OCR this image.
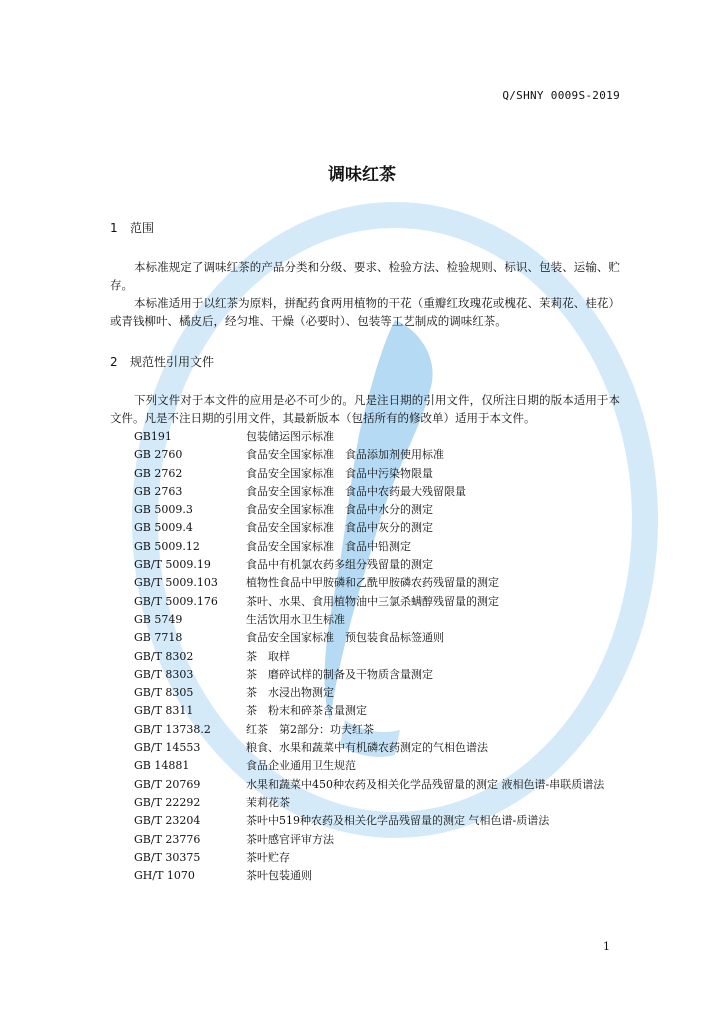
Q/SHNY 0009S-2019
调味红茶
1 范围
本标准规定了调味红茶的产品分类和分级、要求、检验方法、检验规则、标识、包装、运输、贮存。
本标准适用于以红茶为原料，拼配药食两用植物的干花（重瓣红玫瑰花或槐花、茉莉花、桂花）或青钱柳叶、橘皮后，经匀堆、干燥（必要时）、包装等工艺制成的调味红茶。
2 规范性引用文件
下列文件对于本文件的应用是必不可少的。凡是注日期的引用文件，仅所注日期的版本适用于本文件。凡是不注日期的引用文件，其最新版本（包括所有的修改单）适用于本文件。
GB191	包装储运图示标准
GB 2760	食品安全国家标准　食品添加剂使用标准
GB 2762	食品安全国家标准　食品中污染物限量
GB 2763	食品安全国家标准　食品中农药最大残留限量
GB 5009.3	食品安全国家标准　食品中水分的测定
GB 5009.4	食品安全国家标准　食品中灰分的测定
GB 5009.12	食品安全国家标准　食品中铅测定
GB/T 5009.19	食品中有机氯农药多组分残留量的测定
GB/T 5009.103	植物性食品中甲胺磷和乙酰甲胺磷农药残留量的测定
GB/T 5009.176	茶叶、水果、食用植物油中三氯杀螨醇残留量的测定
GB 5749	生活饮用水卫生标准
GB 7718	食品安全国家标准　预包装食品标签通则
GB/T 8302	茶　取样
GB/T 8303	茶　磨碎试样的制备及干物质含量测定
GB/T 8305	茶　水浸出物测定
GB/T 8311	茶　粉末和碎茶含量测定
GB/T 13738.2	红茶　第2部分：功夫红茶
GB/T 14553	粮食、水果和蔬菜中有机磷农药测定的气相色谱法
GB 14881	食品企业通用卫生规范
GB/T 20769	水果和蔬菜中450种农药及相关化学品残留量的测定 液相色谱-串联质谱法
GB/T 22292	茉莉花茶
GB/T 23204	茶叶中519种农药及相关化学品残留量的测定 气相色谱-质谱法
GB/T 23776	茶叶感官评审方法
GB/T 30375	茶叶贮存
GH/T 1070	茶叶包装通则
1
